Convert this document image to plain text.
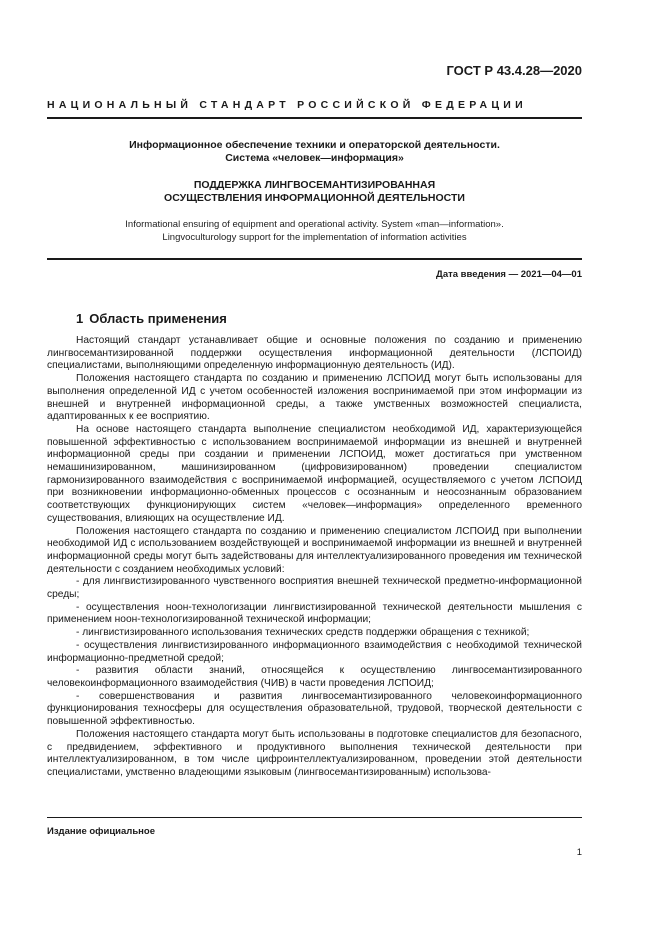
ГОСТ Р 43.4.28—2020
НАЦИОНАЛЬНЫЙ СТАНДАРТ РОССИЙСКОЙ ФЕДЕРАЦИИ
Информационное обеспечение техники и операторской деятельности.
Система «человек—информация»
ПОДДЕРЖКА ЛИНГВОСЕМАНТИЗИРОВАННАЯ
ОСУЩЕСТВЛЕНИЯ ИНФОРМАЦИОННОЙ ДЕЯТЕЛЬНОСТИ
Informational ensuring of equipment and operational activity. System «man—information».
Lingvoculturology support for the implementation of information activities
Дата введения — 2021—04—01
1 Область применения

Настоящий стандарт устанавливает общие и основные положения по созданию и применению лингвосемантизированной поддержки осуществления информационной деятельности (ЛСПОИД) специалистами, выполняющими определенную информационную деятельность (ИД).

Положения настоящего стандарта по созданию и применению ЛСПОИД могут быть использованы для выполнения определенной ИД с учетом особенностей изложения воспринимаемой при этом информации из внешней и внутренней информационной среды, а также умственных возможностей специалиста, адаптированных к ее восприятию.

На основе настоящего стандарта выполнение специалистом необходимой ИД, характеризующейся повышенной эффективностью с использованием воспринимаемой информации из внешней и внутренней информационной среды при создании и применении ЛСПОИД, может достигаться при умственном немашинизированном, машинизированном (цифровизированном) проведении специалистом гармонизированного взаимодействия с воспринимаемой информацией, осуществляемого с учетом ЛСПОИД при возникновении информационно-обменных процессов с осознанным и неосознанным образованием соответствующих функционирующих систем «человек—информация» определенного временного существования, влияющих на осуществление ИД.

Положения настоящего стандарта по созданию и применению специалистом ЛСПОИД при выполнении необходимой ИД с использованием воздействующей и воспринимаемой информации из внешней и внутренней информационной среды могут быть задействованы для интеллектуализированного проведения им технической деятельности с созданием необходимых условий:

- для лингвистизированного чувственного восприятия внешней технической предметно-информационной среды;

- осуществления ноон-технологизации лингвистизированной технической деятельности мышления с применением ноон-технологизированной технической информации;

- лингвистизированного использования технических средств поддержки обращения с техникой;

- осуществления лингвистизированного информационного взаимодействия с необходимой технической информационно-предметной средой;

- развития области знаний, относящейся к осуществлению лингвосемантизированного человекоинформационного взаимодействия (ЧИВ) в части проведения ЛСПОИД;

- совершенствования и развития лингвосемантизированного человекоинформационного функционирования техносферы для осуществления образовательной, трудовой, творческой деятельности с повышенной эффективностью.

Положения настоящего стандарта могут быть использованы в подготовке специалистов для безопасного, с предвидением, эффективного и продуктивного выполнения технической деятельности при интеллектуализированном, в том числе цифроинтеллектуализированном, проведении этой деятельности специалистами, умственно владеющими языковым (лингвосемантизированным) использова-

Издание официальное
1
